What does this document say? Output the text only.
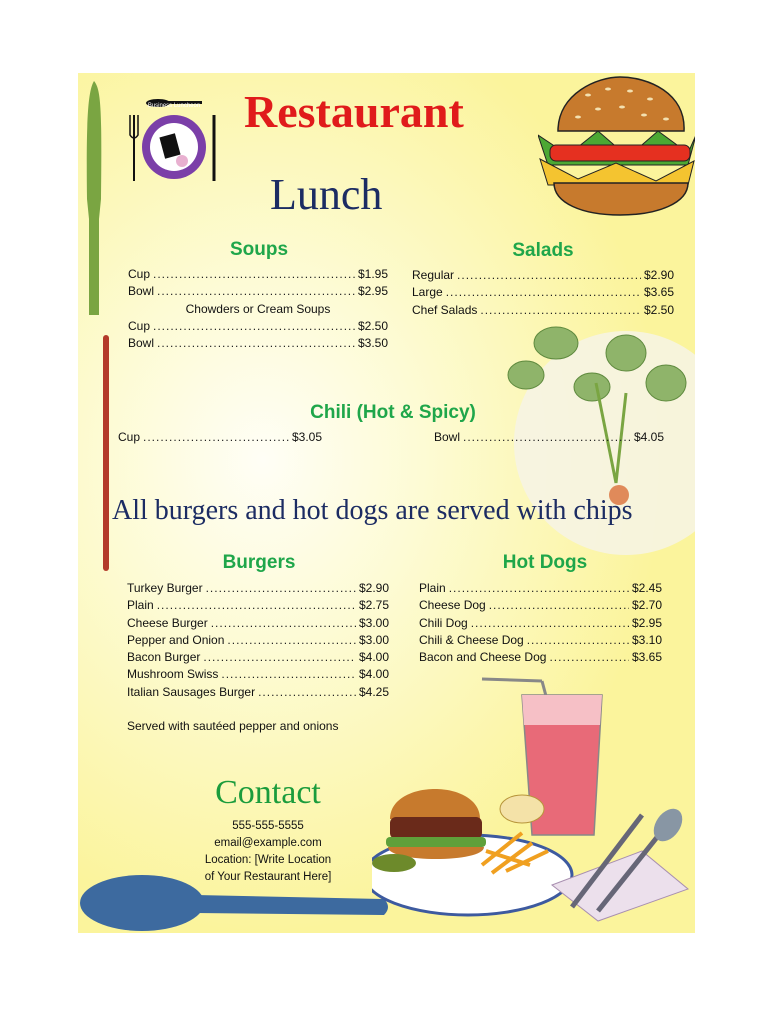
Business Luncheon Restaurant
Lunch
Soups
Cup .....	$1.95
Bowl .....	$2.95
Chowders or Cream Soups
Cup .....	$2.50
Bowl .....	$3.50
Salads
Regular .....	$2.90
Large .....	$3.65
Chef Salads .....	$2.50
Chili (Hot & Spicy)
Cup .....	$3.05	Bowl .....	$4.05
All burgers and hot dogs are served with chips
Burgers
Turkey Burger .....	$2.90
Plain .....	$2.75
Cheese Burger .....	$3.00
Pepper and Onion .....	$3.00
Bacon Burger .....	$4.00
Mushroom Swiss .....	$4.00
Italian Sausages Burger .....	$4.25
Served with sautéed pepper and onions
Hot Dogs
Plain .....	$2.45
Cheese Dog .....	$2.70
Chili Dog .....	$2.95
Chili & Cheese Dog .....	$3.10
Bacon and Cheese Dog .....	$3.65
Contact
555-555-5555
email@example.com
Location: [Write Location
of Your Restaurant Here]
